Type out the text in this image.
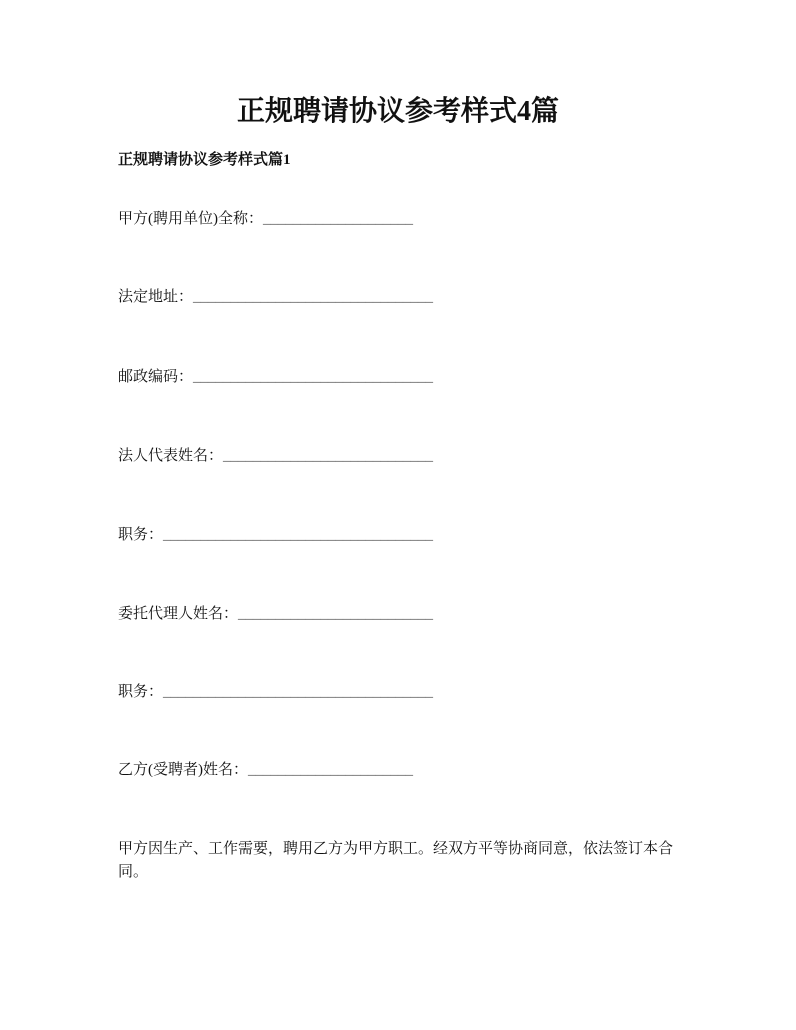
正规聘请协议参考样式4篇
正规聘请协议参考样式篇1
甲方(聘用单位)全称：____________________
法定地址：________________________________
邮政编码：________________________________
法人代表姓名：____________________________
职务：____________________________________
委托代理人姓名：__________________________
职务：____________________________________
乙方(受聘者)姓名：______________________

甲方因生产、工作需要，聘用乙方为甲方职工。经双方平等协商同意，依法签订本合同。
